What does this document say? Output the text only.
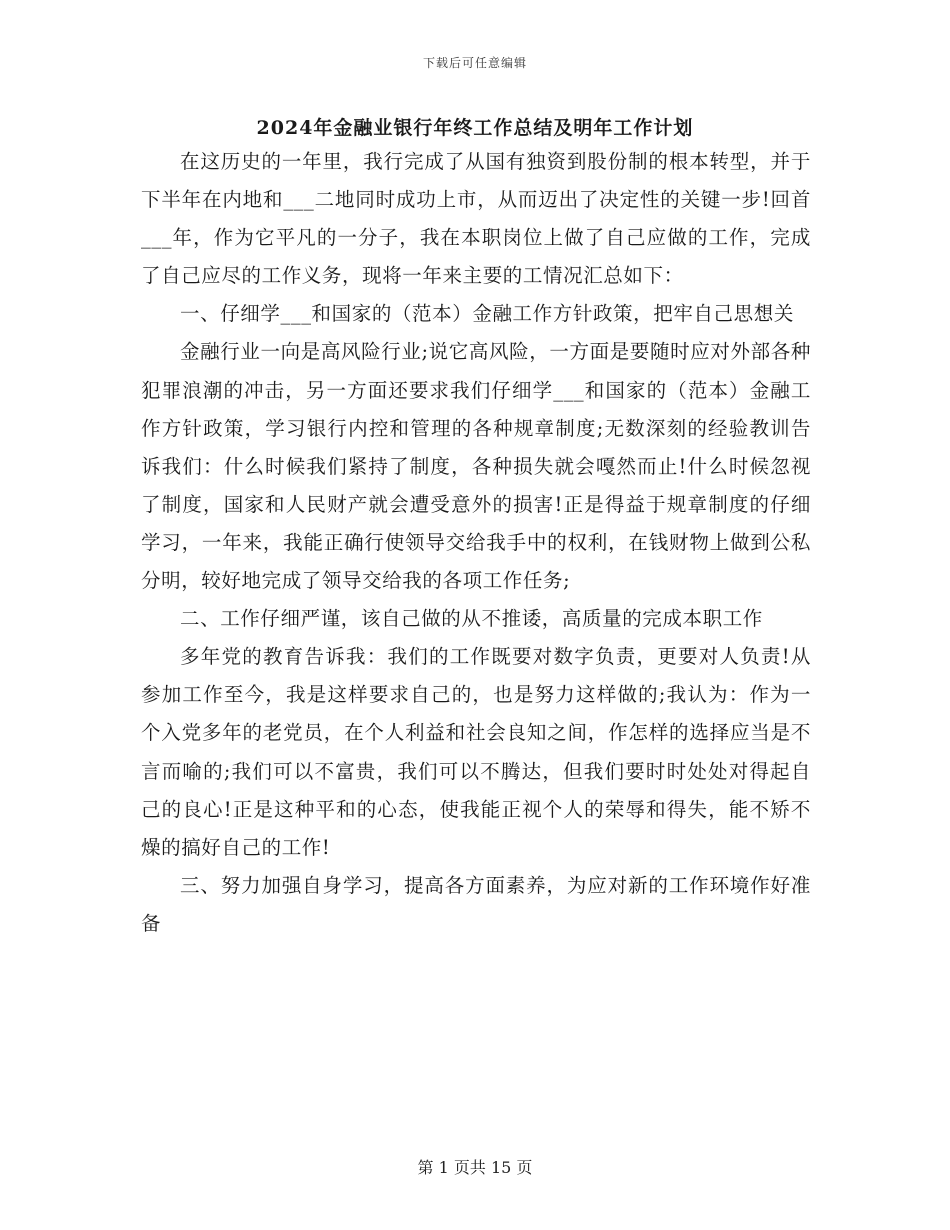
下载后可任意编辑
2024年金融业银行年终工作总结及明年工作计划

在这历史的一年里，我行完成了从国有独资到股份制的根本转型，并于下半年在内地和___二地同时成功上市，从而迈出了决定性的关键一步!回首___年，作为它平凡的一分子，我在本职岗位上做了自己应做的工作，完成了自己应尽的工作义务，现将一年来主要的工情况汇总如下：

一、仔细学___和国家的（范本）金融工作方针政策，把牢自己思想关

金融行业一向是高风险行业;说它高风险，一方面是要随时应对外部各种犯罪浪潮的冲击，另一方面还要求我们仔细学___和国家的（范本）金融工作方针政策，学习银行内控和管理的各种规章制度;无数深刻的经验教训告诉我们：什么时候我们紧持了制度，各种损失就会嘎然而止!什么时候忽视了制度，国家和人民财产就会遭受意外的损害!正是得益于规章制度的仔细学习，一年来，我能正确行使领导交给我手中的权利，在钱财物上做到公私分明，较好地完成了领导交给我的各项工作任务;

二、工作仔细严谨，该自己做的从不推诿，高质量的完成本职工作

多年党的教育告诉我：我们的工作既要对数字负责，更要对人负责!从参加工作至今，我是这样要求自己的，也是努力这样做的;我认为：作为一个入党多年的老党员，在个人利益和社会良知之间，作怎样的选择应当是不言而喻的;我们可以不富贵，我们可以不腾达，但我们要时时处处对得起自己的良心!正是这种平和的心态，使我能正视个人的荣辱和得失，能不矫不燥的搞好自己的工作!

三、努力加强自身学习，提高各方面素养，为应对新的工作环境作好准备

第 1 页共 15 页
